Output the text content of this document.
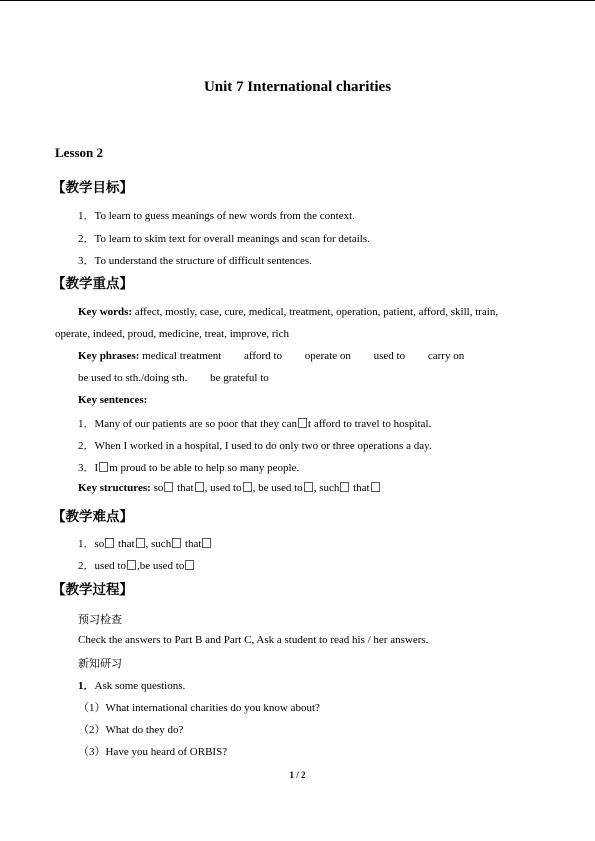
Unit 7 International charities
Lesson 2
【教学目标】
1．To learn to guess meanings of new words from the context.
2．To learn to skim text for overall meanings and scan for details.
3．To understand the structure of difficult sentences.
【教学重点】
Key words: affect, mostly, case, cure, medical, treatment, operation, patient, afford, skill, train,
operate, indeed, proud, medicine, treat, improve, rich
Key phrases: medical treatment afford to operate on used to carry on
be used to sth./doing sth. be grateful to
Key sentences:
1．Many of our patients are so poor that they can t afford to travel to hospital.
2．When I worked in a hospital, I used to do only two or three operations a day.
3．I m proud to be able to help so many people.
Key structures: so that , used to , be used to , such that
【教学难点】
1．so that , such that
2．used to ,be used to
【教学过程】
预习检查
Check the answers to Part B and Part C, Ask a student to read his / her answers.
新知研习
1．Ask some questions.
（1）What international charities do you know about?
（2）What do they do?
（3）Have you heard of ORBIS?
1 / 2
